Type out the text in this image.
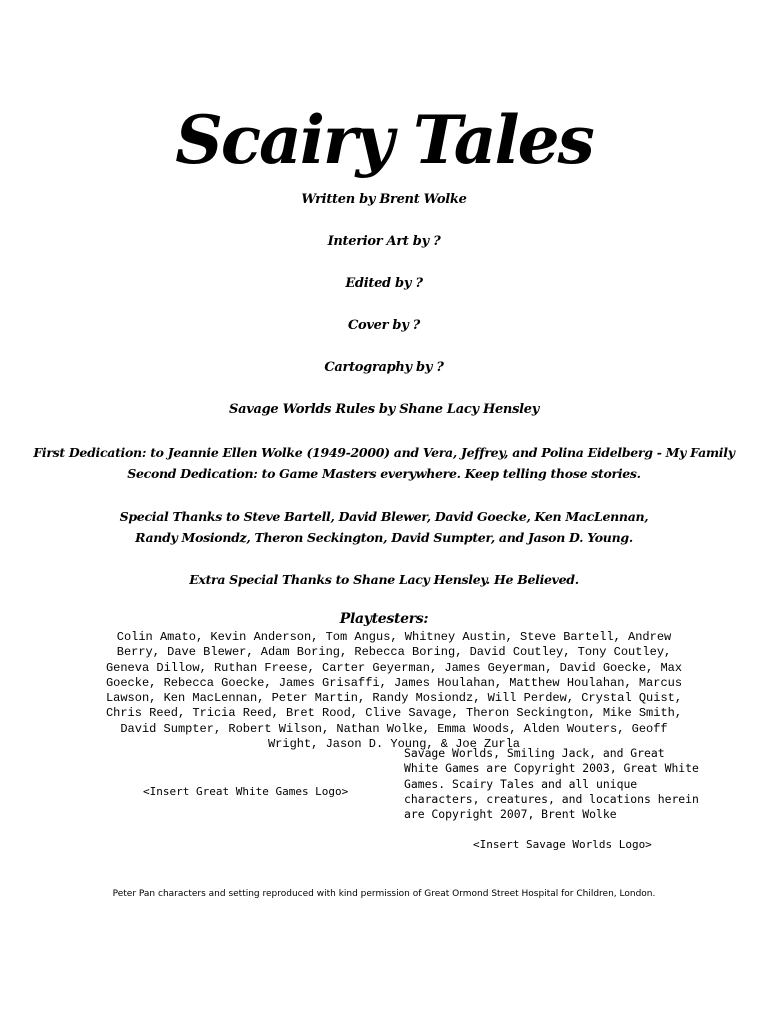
Scairy Tales
Written by Brent Wolke
Interior Art by ?
Edited by ?
Cover by ?
Cartography by ?
Savage Worlds Rules by Shane Lacy Hensley
First Dedication: to Jeannie Ellen Wolke (1949-2000) and Vera, Jeffrey, and Polina Eidelberg - My Family
Second Dedication: to Game Masters everywhere. Keep telling those stories.
Special Thanks to Steve Bartell, David Blewer, David Goecke, Ken MacLennan,
Randy Mosiondz, Theron Seckington, David Sumpter, and Jason D. Young.
Extra Special Thanks to Shane Lacy Hensley. He Believed.
Playtesters:
Colin Amato, Kevin Anderson, Tom Angus, Whitney Austin, Steve Bartell, Andrew Berry, Dave Blewer, Adam Boring, Rebecca Boring, David Coutley, Tony Coutley, Geneva Dillow, Ruthan Freese, Carter Geyerman, James Geyerman, David Goecke, Max Goecke, Rebecca Goecke, James Grisaffi, James Houlahan, Matthew Houlahan, Marcus Lawson, Ken MacLennan, Peter Martin, Randy Mosiondz, Will Perdew, Crystal Quist, Chris Reed, Tricia Reed, Bret Rood, Clive Savage, Theron Seckington, Mike Smith, David Sumpter, Robert Wilson, Nathan Wolke, Emma Woods, Alden Wouters, Geoff Wright, Jason D. Young, & Joe Zurla
<Insert Great White Games Logo>
Savage Worlds, Smiling Jack, and Great White Games are Copyright 2003, Great White Games. Scairy Tales and all unique characters, creatures, and locations herein are Copyright 2007, Brent Wolke
<Insert Savage Worlds Logo>
Peter Pan characters and setting reproduced with kind permission of Great Ormond Street Hospital for Children, London.
